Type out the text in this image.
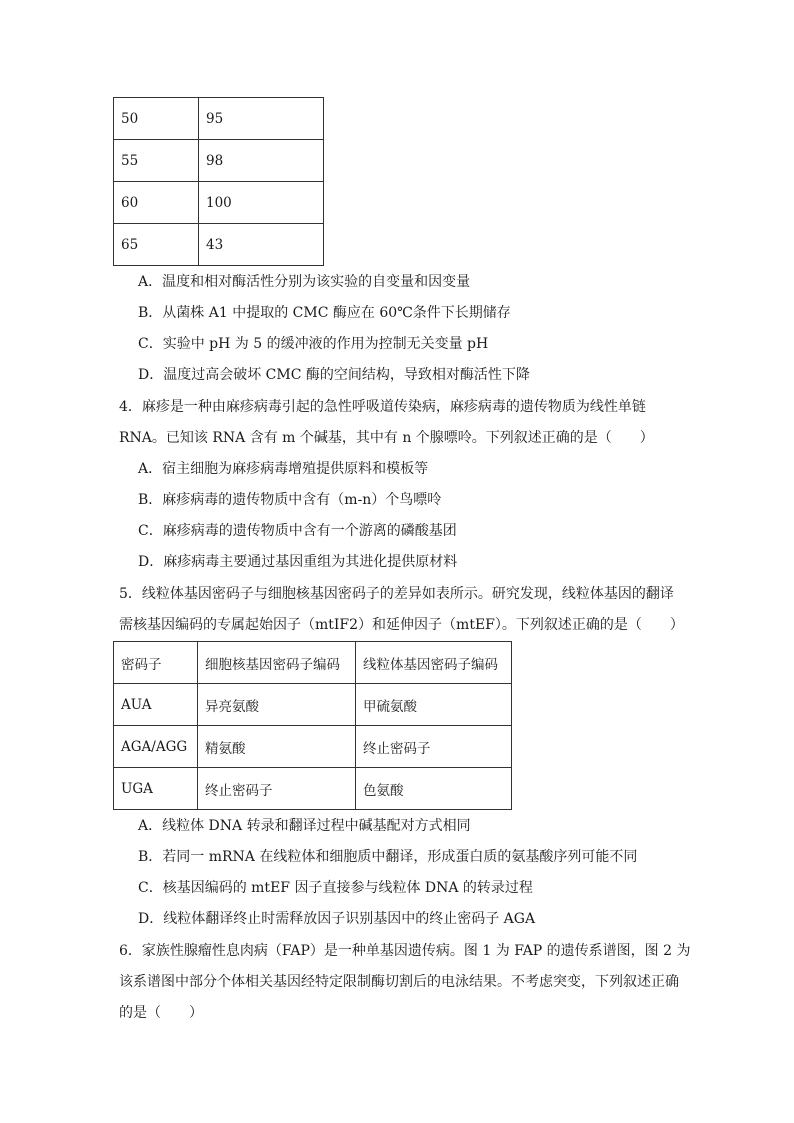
50	95
55	98
60	100
65	43
A．温度和相对酶活性分别为该实验的自变量和因变量
B．从菌株 A1 中提取的 CMC 酶应在 60℃条件下长期储存
C．实验中 pH 为 5 的缓冲液的作用为控制无关变量 pH
D．温度过高会破坏 CMC 酶的空间结构，导致相对酶活性下降
4．麻疹是一种由麻疹病毒引起的急性呼吸道传染病，麻疹病毒的遗传物质为线性单链
RNA。已知该 RNA 含有 m 个碱基，其中有 n 个腺嘌呤。下列叙述正确的是（　　）
A．宿主细胞为麻疹病毒增殖提供原料和模板等
B．麻疹病毒的遗传物质中含有（m-n）个鸟嘌呤
C．麻疹病毒的遗传物质中含有一个游离的磷酸基团
D．麻疹病毒主要通过基因重组为其进化提供原材料
5．线粒体基因密码子与细胞核基因密码子的差异如表所示。研究发现，线粒体基因的翻译
需核基因编码的专属起始因子（mtIF2）和延伸因子（mtEF）。下列叙述正确的是（　　）
密码子	细胞核基因密码子编码	线粒体基因密码子编码
AUA	异亮氨酸	甲硫氨酸
AGA/AGG	精氨酸	终止密码子
UGA	终止密码子	色氨酸
A．线粒体 DNA 转录和翻译过程中碱基配对方式相同
B．若同一 mRNA 在线粒体和细胞质中翻译，形成蛋白质的氨基酸序列可能不同
C．核基因编码的 mtEF 因子直接参与线粒体 DNA 的转录过程
D．线粒体翻译终止时需释放因子识别基因中的终止密码子 AGA
6．家族性腺瘤性息肉病（FAP）是一种单基因遗传病。图 1 为 FAP 的遗传系谱图，图 2 为
该系谱图中部分个体相关基因经特定限制酶切割后的电泳结果。不考虑突变，下列叙述正确
的是（　　）
